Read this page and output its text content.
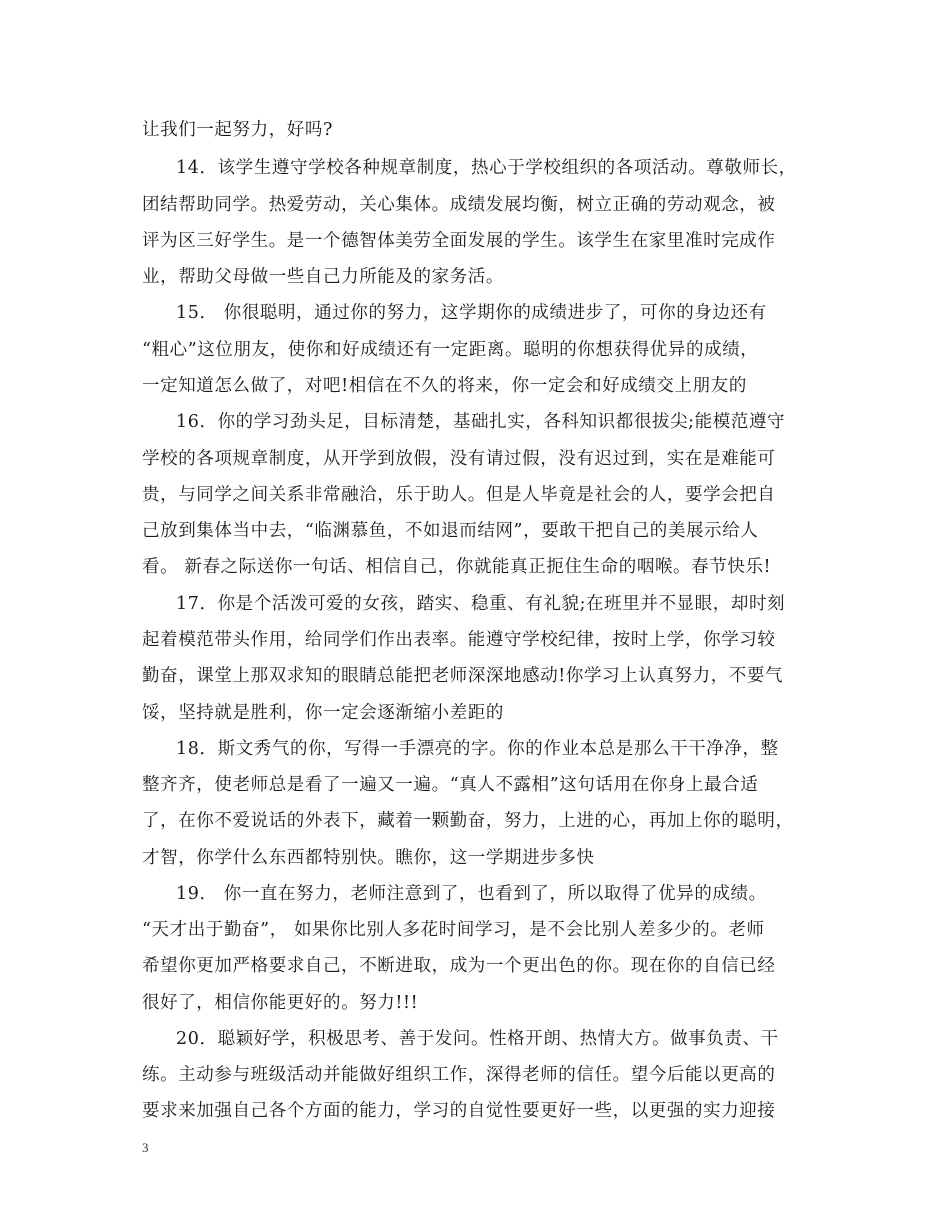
让我们一起努力，好吗?
14．该学生遵守学校各种规章制度，热心于学校组织的各项活动。尊敬师长，
团结帮助同学。热爱劳动，关心集体。成绩发展均衡，树立正确的劳动观念，被
评为区三好学生。是一个德智体美劳全面发展的学生。该学生在家里准时完成作
业，帮助父母做一些自己力所能及的家务活。
15． 你很聪明，通过你的努力，这学期你的成绩进步了，可你的身边还有
“粗心”这位朋友，使你和好成绩还有一定距离。聪明的你想获得优异的成绩，
一定知道怎么做了，对吧!相信在不久的将来，你一定会和好成绩交上朋友的
16．你的学习劲头足，目标清楚，基础扎实，各科知识都很拔尖;能模范遵守
学校的各项规章制度，从开学到放假，没有请过假，没有迟过到，实在是难能可
贵，与同学之间关系非常融洽，乐于助人。但是人毕竟是社会的人，要学会把自
己放到集体当中去，“临渊慕鱼，不如退而结网”，要敢干把自己的美展示给人
看。 新春之际送你一句话、相信自己，你就能真正扼住生命的咽喉。春节快乐!
17．你是个活泼可爱的女孩，踏实、稳重、有礼貌;在班里并不显眼，却时刻
起着模范带头作用，给同学们作出表率。能遵守学校纪律，按时上学，你学习较
勤奋，课堂上那双求知的眼睛总能把老师深深地感动!你学习上认真努力，不要气
馁，坚持就是胜利，你一定会逐渐缩小差距的
18．斯文秀气的你，写得一手漂亮的字。你的作业本总是那么干干净净，整
整齐齐，使老师总是看了一遍又一遍。“真人不露相”这句话用在你身上最合适
了，在你不爱说话的外表下，藏着一颗勤奋，努力，上进的心，再加上你的聪明，
才智，你学什么东西都特别快。瞧你，这一学期进步多快
19． 你一直在努力，老师注意到了，也看到了，所以取得了优异的成绩。
“天才出于勤奋”， 如果你比别人多花时间学习，是不会比别人差多少的。老师
希望你更加严格要求自己，不断进取，成为一个更出色的你。现在你的自信已经
很好了，相信你能更好的。努力!!!
20．聪颖好学，积极思考、善于发问。性格开朗、热情大方。做事负责、干
练。主动参与班级活动并能做好组织工作，深得老师的信任。望今后能以更高的
要求来加强自己各个方面的能力，学习的自觉性要更好一些，以更强的实力迎接
3
